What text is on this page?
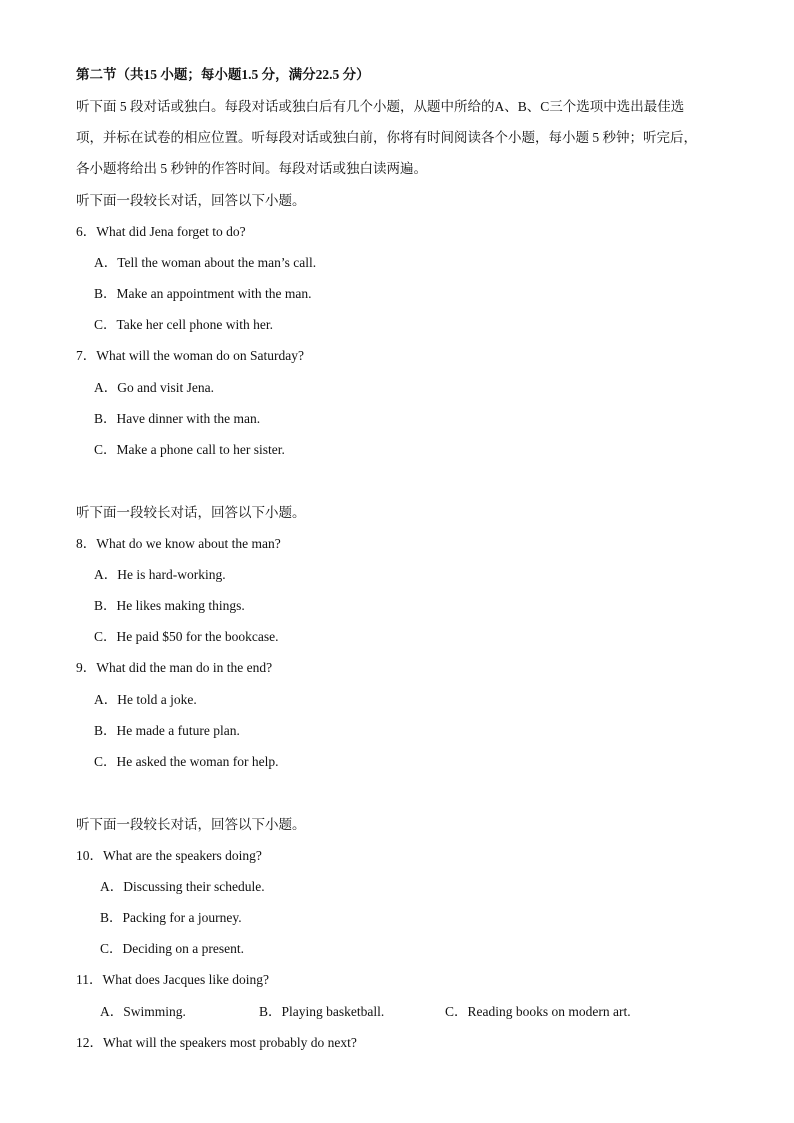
第二节（共15 小题；每小题1.5 分，满分22.5 分）
听下面 5 段对话或独白。每段对话或独白后有几个小题，从题中所给的A、B、C三个选项中选出最佳选
项，并标在试卷的相应位置。听每段对话或独白前，你将有时间阅读各个小题，每小题 5 秒钟；听完后，
各小题将给出 5 秒钟的作答时间。每段对话或独白读两遍。
听下面一段较长对话，回答以下小题。
6．What did Jena forget to do?
A．Tell the woman about the man’s call.
B．Make an appointment with the man.
C．Take her cell phone with her.
7．What will the woman do on Saturday?
A．Go and visit Jena.
B．Have dinner with the man.
C．Make a phone call to her sister.
听下面一段较长对话，回答以下小题。
8．What do we know about the man?
A．He is hard-working.
B．He likes making things.
C．He paid $50 for the bookcase.
9．What did the man do in the end?
A．He told a joke.
B．He made a future plan.
C．He asked the woman for help.
听下面一段较长对话，回答以下小题。
10．What are the speakers doing?
A．Discussing their schedule.
B．Packing for a journey.
C．Deciding on a present.
11．What does Jacques like doing?
A．Swimming.	B．Playing basketball.	C．Reading books on modern art.
12．What will the speakers most probably do next?
